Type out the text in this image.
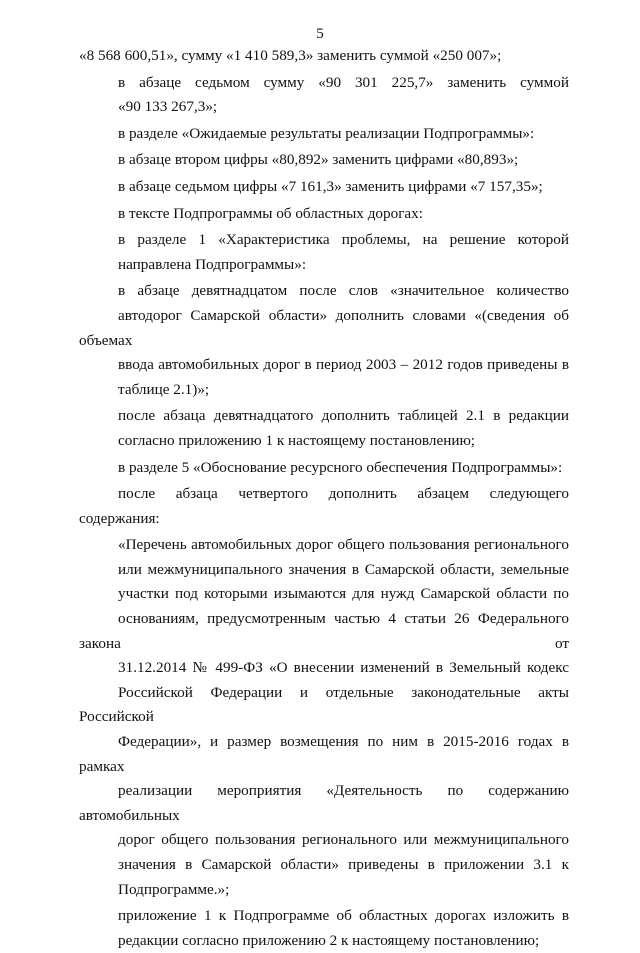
5
«8 568 600,51», сумму «1 410 589,3» заменить суммой «250 007»;
в абзаце седьмом сумму «90 301 225,7» заменить суммой
«90 133 267,3»;
в разделе «Ожидаемые результаты реализации Подпрограммы»:
в абзаце втором цифры «80,892» заменить цифрами «80,893»;
в абзаце седьмом цифры «7 161,3» заменить цифрами «7 157,35»;
в тексте Подпрограммы об областных дорогах:
в разделе 1 «Характеристика проблемы, на решение которой
направлена Подпрограммы»:
в абзаце девятнадцатом после слов «значительное количество
автодорог Самарской области» дополнить словами «(сведения об объемах
ввода автомобильных дорог в период 2003 – 2012 годов приведены в
таблице 2.1)»;
после абзаца девятнадцатого дополнить таблицей 2.1 в редакции
согласно приложению 1 к настоящему постановлению;
в разделе 5 «Обоснование ресурсного обеспечения Подпрограммы»:
после абзаца четвертого дополнить абзацем следующего содержания:
«Перечень автомобильных дорог общего пользования регионального
или межмуниципального значения в Самарской области, земельные
участки под которыми изымаются для нужд Самарской области по
основаниям, предусмотренным частью 4 статьи 26 Федерального закона от
31.12.2014 № 499-ФЗ «О внесении изменений в Земельный кодекс
Российской Федерации и отдельные законодательные акты Российской
Федерации», и размер возмещения по ним в 2015-2016 годах в рамках
реализации мероприятия «Деятельность по содержанию автомобильных
дорог общего пользования регионального или межмуниципального
значения в Самарской области» приведены в приложении 3.1 к
Подпрограмме.»;
приложение 1 к Подпрограмме об областных дорогах изложить в
редакции согласно приложению 2 к настоящему постановлению;
